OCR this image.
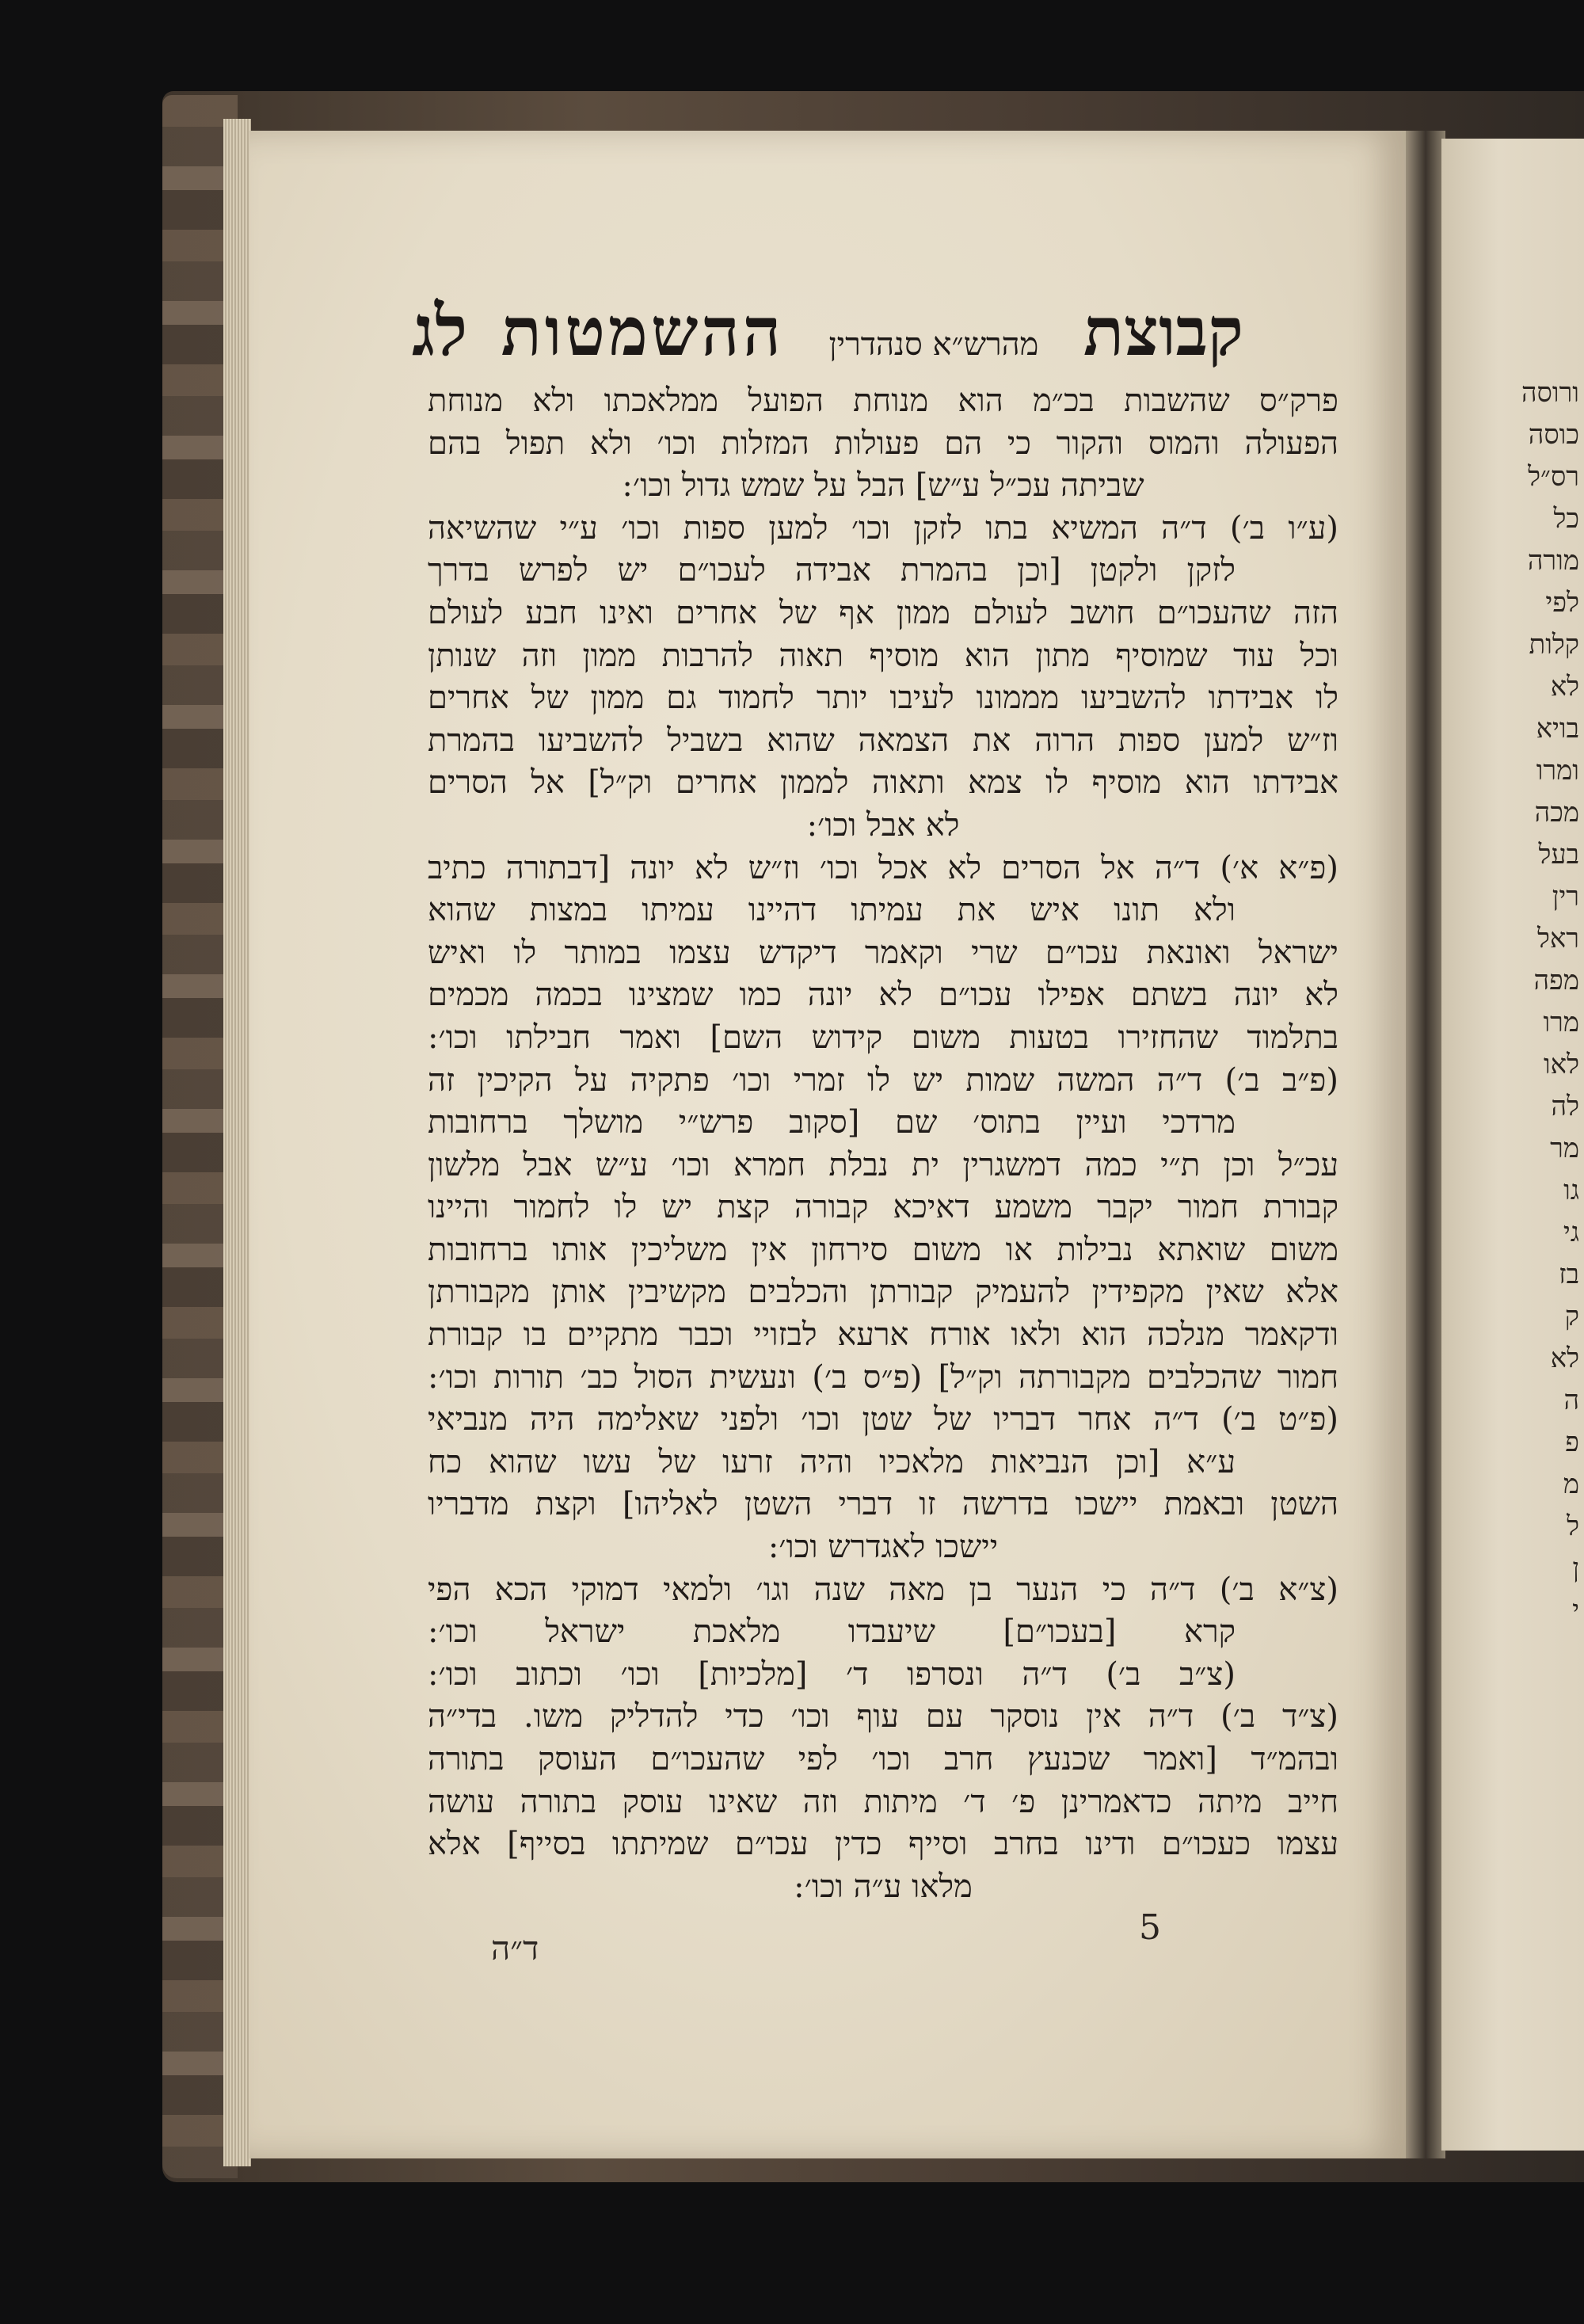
ורוסה
כוסה
רס״ל
כל
מורה
לפי
קלות
לא
בויא
ומרו
מכה
בעל
רין
ראל
מפה
מרו
לאו
לה
מר
גו
גי
בז
ק
לא
ה
פ
מ
ל
ן
י
קבוצת
מהרש״א סנהדרין
ההשמטות
לג
פרק״ס שהשבות בכ״מ הוא מנוחת הפועל ממלאכתו ולא מנוחת
הפעולה והמוס והקור כי הם פעולות המזלות וכו׳ ולא תפול בהם
שביתה עכ״ל ע״ש] הבל על שמש גדול וכו׳:
(ע״ו ב׳) ד״ה המשיא בתו לזקן וכו׳ למען ספות וכו׳ ע״י שהשיאה
לזקן ולקטן [וכן בהמרת אבידה לעכו״ם יש לפרש בדרך
הזה שהעכו״ם חושב לעולם ממון אף של אחרים ואינו חבע לעולם
וכל עוד שמוסיף מתון הוא מוסיף תאוה להרבות ממון וזה שנותן
לו אבידתו להשביעו מממונו לעיבו יותר לחמוד גם ממון של אחרים
וז״ש למען ספות הרוה את הצמאה שהוא בשביל להשביעו בהמרת
אבידתו הוא מוסיף לו צמא ותאוה לממון אחרים וק״ל] אל הסרים
לא אבל וכו׳:
(פ״א א׳) ד״ה אל הסרים לא אכל וכו׳ וז״ש לא יונה [דבתורה כתיב
ולא תונו איש את עמיתו דהיינו עמיתו במצות שהוא
ישראל ואונאת עכו״ם שרי וקאמר דיקדש עצמו במותר לו ואיש
לא יונה בשתם אפילו עכו״ם לא יונה כמו שמצינו בכמה מכמים
בתלמוד שהחזירו בטעות משום קידוש השם] ואמר חבילתו וכו׳:
(פ״ב ב׳) ד״ה המשה שמות יש לו זמרי וכו׳ פתקיה על הקיכין זה
מרדכי ועיין בתוס׳ שם [סקוב פרש״י מושלך ברחובות
עכ״ל וכן ת״י כמה דמשגרין ית נבלת חמרא וכו׳ ע״ש אבל מלשון
קבורת חמור יקבר משמע דאיכא קבורה קצת יש לו לחמור והיינו
משום שואתא נבילות או משום סירחון אין משליכין אותו ברחובות
אלא שאין מקפידין להעמיק קבורתן והכלבים מקשיבין אותן מקבורתן
ודקאמר מנלכה הוא ולאו אורח ארעא לבזויי וכבר מתקיים בו קבורת
חמור שהכלבים מקבורתה וק״ל] (פ״ס ב׳) ונעשית הסול כב׳ תורות וכו׳:
(פ״ט ב׳) ד״ה אחר דבריו של שטן וכו׳ ולפני שאלימה היה מנביאי
ע״א [וכן הנביאות מלאכיו והיה זרעו של עשו שהוא כח
השטן ובאמת יישכו בדרשה זו דברי השטן לאליהו] וקצת מדבריו
יישכו לאגדרש וכו׳:
(צ״א ב׳) ד״ה כי הנער בן מאה שנה וגו׳ ולמאי דמוקי הכא הפי
קרא [בעכו״ם] שיעבדו מלאכת ישראל וכו׳:
(צ״ב ב׳) ד״ה ונסרפו ד׳ [מלכיות] וכו׳ וכתוב וכו׳:
(צ״ד ב׳) ד״ה אין נוסקר עם עוף וכו׳ כדי להדליק משו. בדי״ה
ובהמ״ד [ואמר שכנעץ חרב וכו׳ לפי שהעכו״ם העוסק בתורה
חייב מיתה כדאמרינן פ׳ ד׳ מיתות וזה שאינו עוסק בתורה עושה
עצמו כעכו״ם ודינו בחרב וסייף כדין עכו״ם שמיתתו בסייף] אלא
מלאו ע״ה וכו׳:
5
ד״ה
